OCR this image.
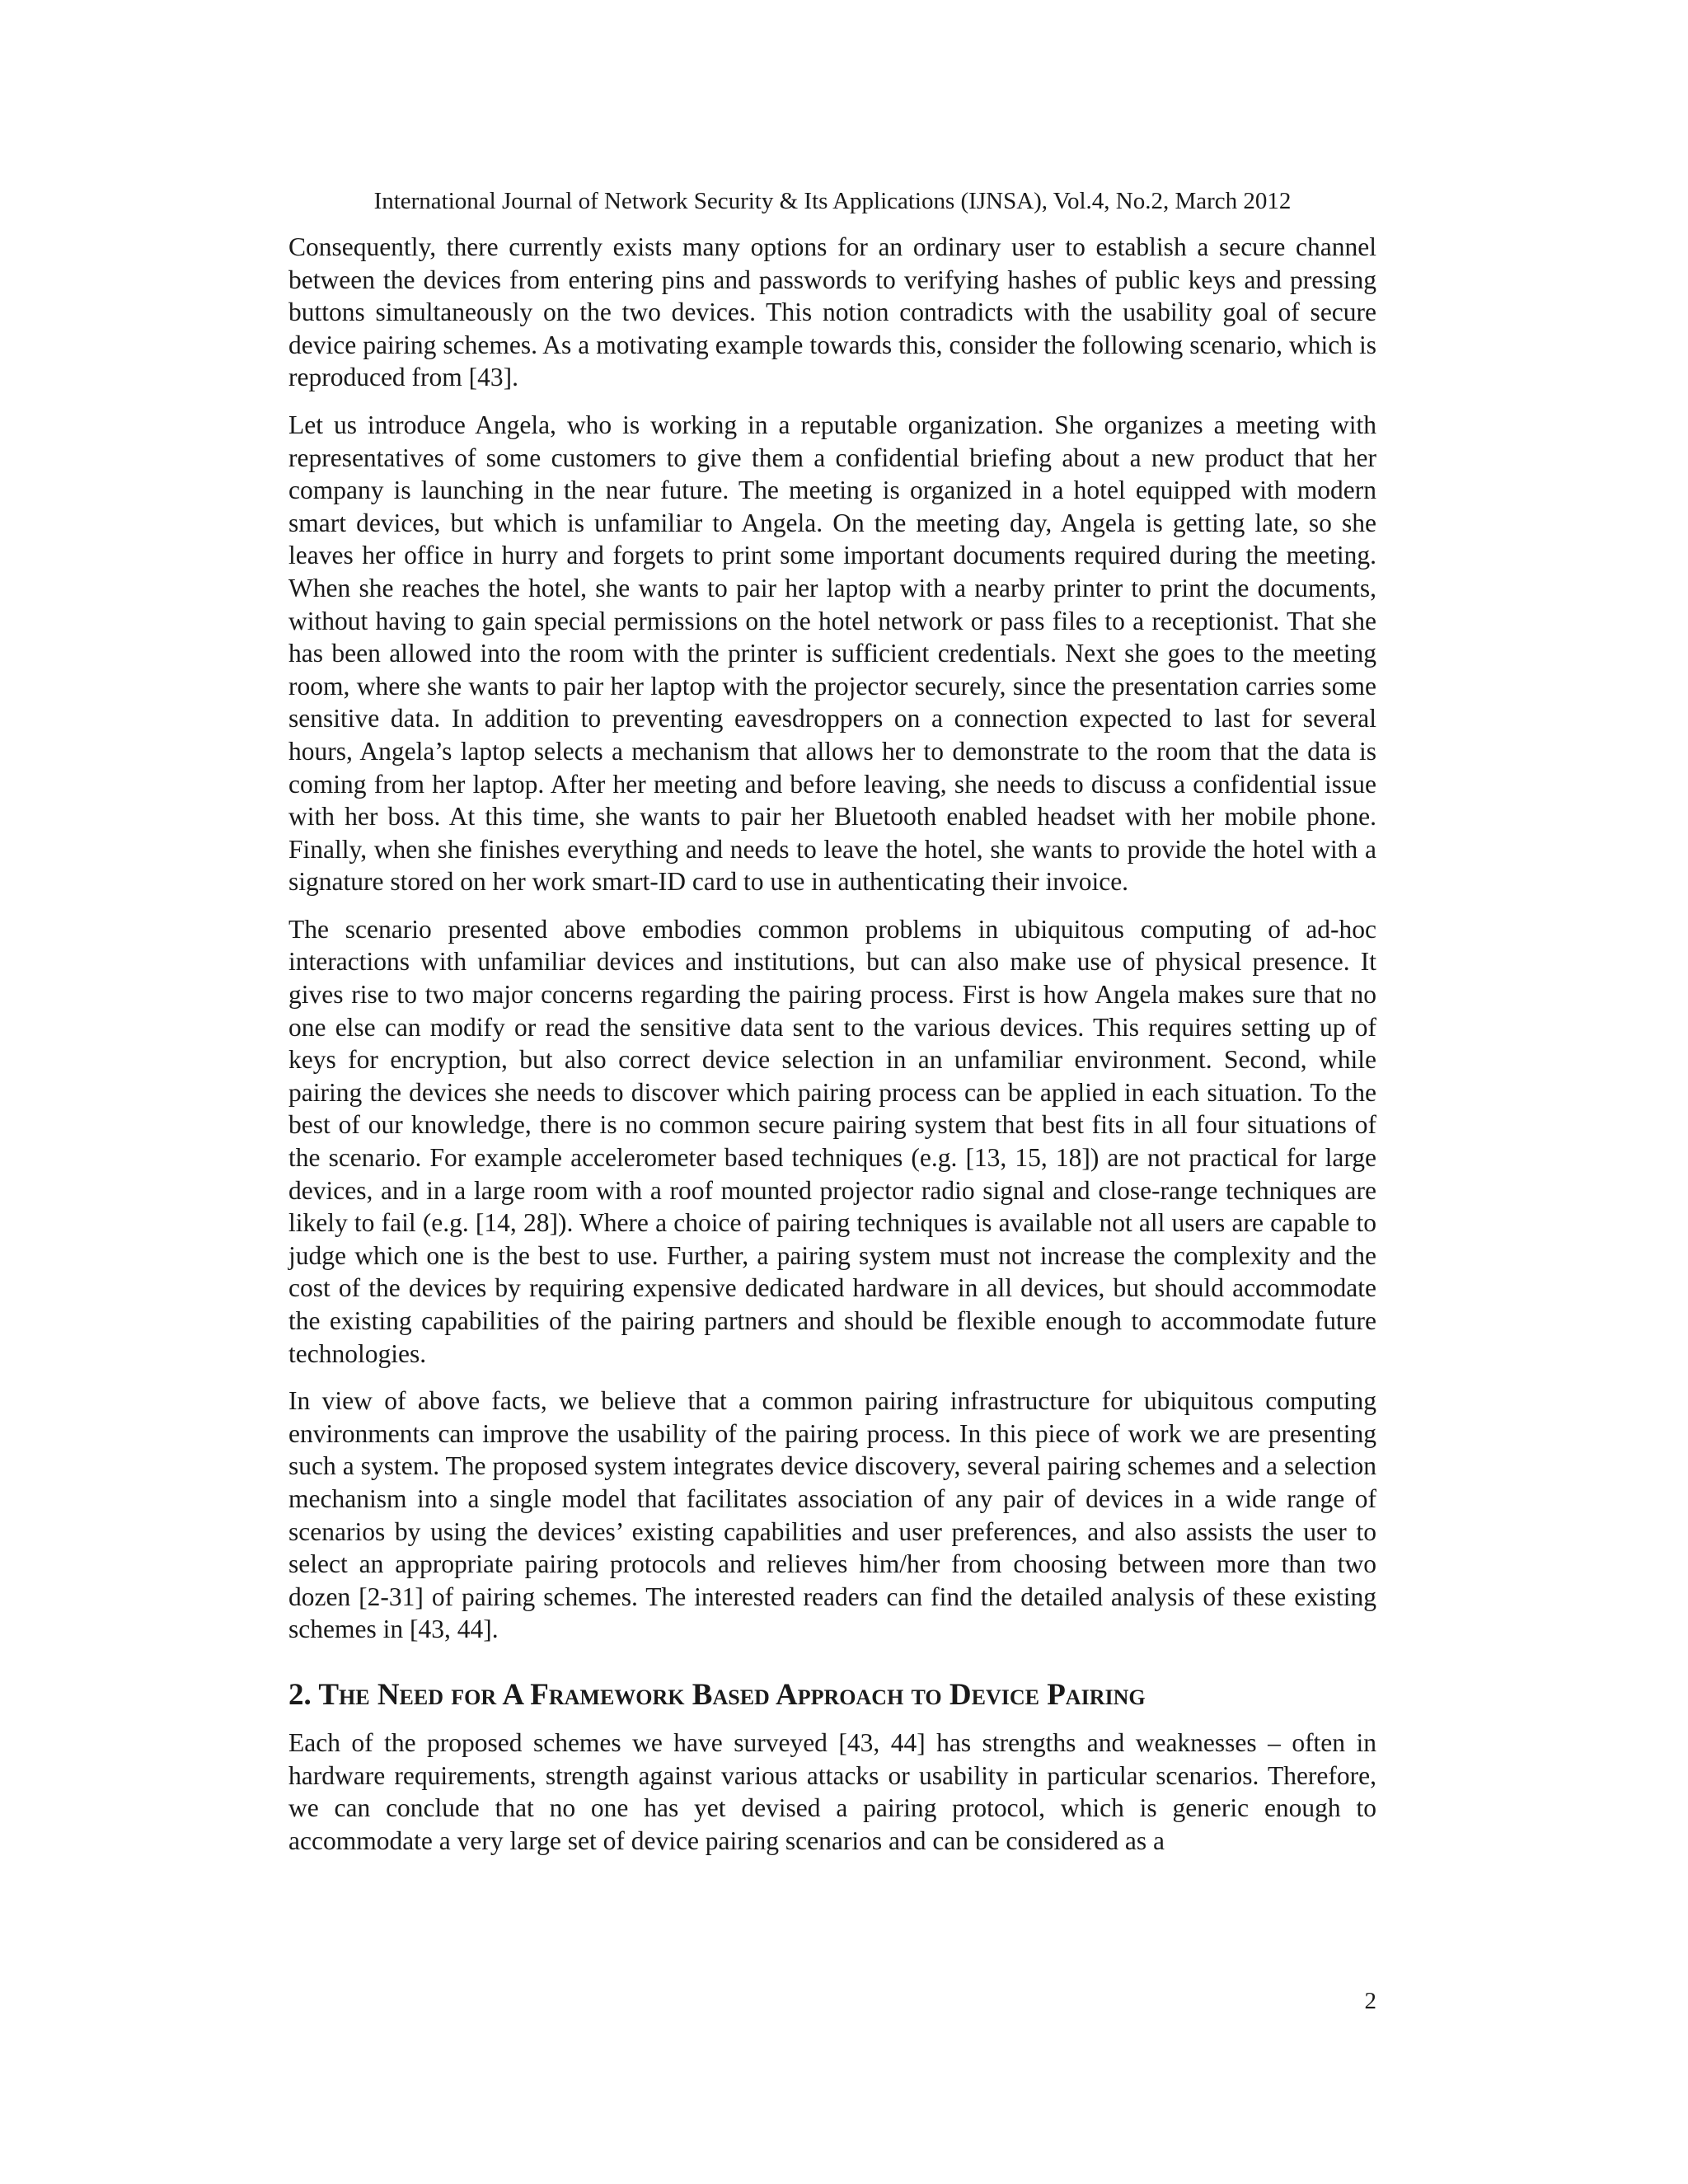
International Journal of Network Security & Its Applications (IJNSA), Vol.4, No.2, March 2012

Consequently, there currently exists many options for an ordinary user to establish a secure channel between the devices from entering pins and passwords to verifying hashes of public keys and pressing buttons simultaneously on the two devices. This notion contradicts with the usability goal of secure device pairing schemes. As a motivating example towards this, consider the following scenario, which is reproduced from [43].

Let us introduce Angela, who is working in a reputable organization. She organizes a meeting with representatives of some customers to give them a confidential briefing about a new product that her company is launching in the near future. The meeting is organized in a hotel equipped with modern smart devices, but which is unfamiliar to Angela. On the meeting day, Angela is getting late, so she leaves her office in hurry and forgets to print some important documents required during the meeting. When she reaches the hotel, she wants to pair her laptop with a nearby printer to print the documents, without having to gain special permissions on the hotel network or pass files to a receptionist. That she has been allowed into the room with the printer is sufficient credentials. Next she goes to the meeting room, where she wants to pair her laptop with the projector securely, since the presentation carries some sensitive data. In addition to preventing eavesdroppers on a connection expected to last for several hours, Angela’s laptop selects a mechanism that allows her to demonstrate to the room that the data is coming from her laptop. After her meeting and before leaving, she needs to discuss a confidential issue with her boss. At this time, she wants to pair her Bluetooth enabled headset with her mobile phone. Finally, when she finishes everything and needs to leave the hotel, she wants to provide the hotel with a signature stored on her work smart-ID card to use in authenticating their invoice.

The scenario presented above embodies common problems in ubiquitous computing of ad-hoc interactions with unfamiliar devices and institutions, but can also make use of physical presence. It gives rise to two major concerns regarding the pairing process. First is how Angela makes sure that no one else can modify or read the sensitive data sent to the various devices. This requires setting up of keys for encryption, but also correct device selection in an unfamiliar environment. Second, while pairing the devices she needs to discover which pairing process can be applied in each situation. To the best of our knowledge, there is no common secure pairing system that best fits in all four situations of the scenario. For example accelerometer based techniques (e.g. [13, 15, 18]) are not practical for large devices, and in a large room with a roof mounted projector radio signal and close-range techniques are likely to fail (e.g. [14, 28]). Where a choice of pairing techniques is available not all users are capable to judge which one is the best to use. Further, a pairing system must not increase the complexity and the cost of the devices by requiring expensive dedicated hardware in all devices, but should accommodate the existing capabilities of the pairing partners and should be flexible enough to accommodate future technologies.

In view of above facts, we believe that a common pairing infrastructure for ubiquitous computing environments can improve the usability of the pairing process. In this piece of work we are presenting such a system. The proposed system integrates device discovery, several pairing schemes and a selection mechanism into a single model that facilitates association of any pair of devices in a wide range of scenarios by using the devices’ existing capabilities and user preferences, and also assists the user to select an appropriate pairing protocols and relieves him/her from choosing between more than two dozen [2-31] of pairing schemes. The interested readers can find the detailed analysis of these existing schemes in [43, 44].

2. The Need for A Framework Based Approach to Device Pairing

Each of the proposed schemes we have surveyed [43, 44] has strengths and weaknesses – often in hardware requirements, strength against various attacks or usability in particular scenarios. Therefore, we can conclude that no one has yet devised a pairing protocol, which is generic enough to accommodate a very large set of device pairing scenarios and can be considered as a

2
